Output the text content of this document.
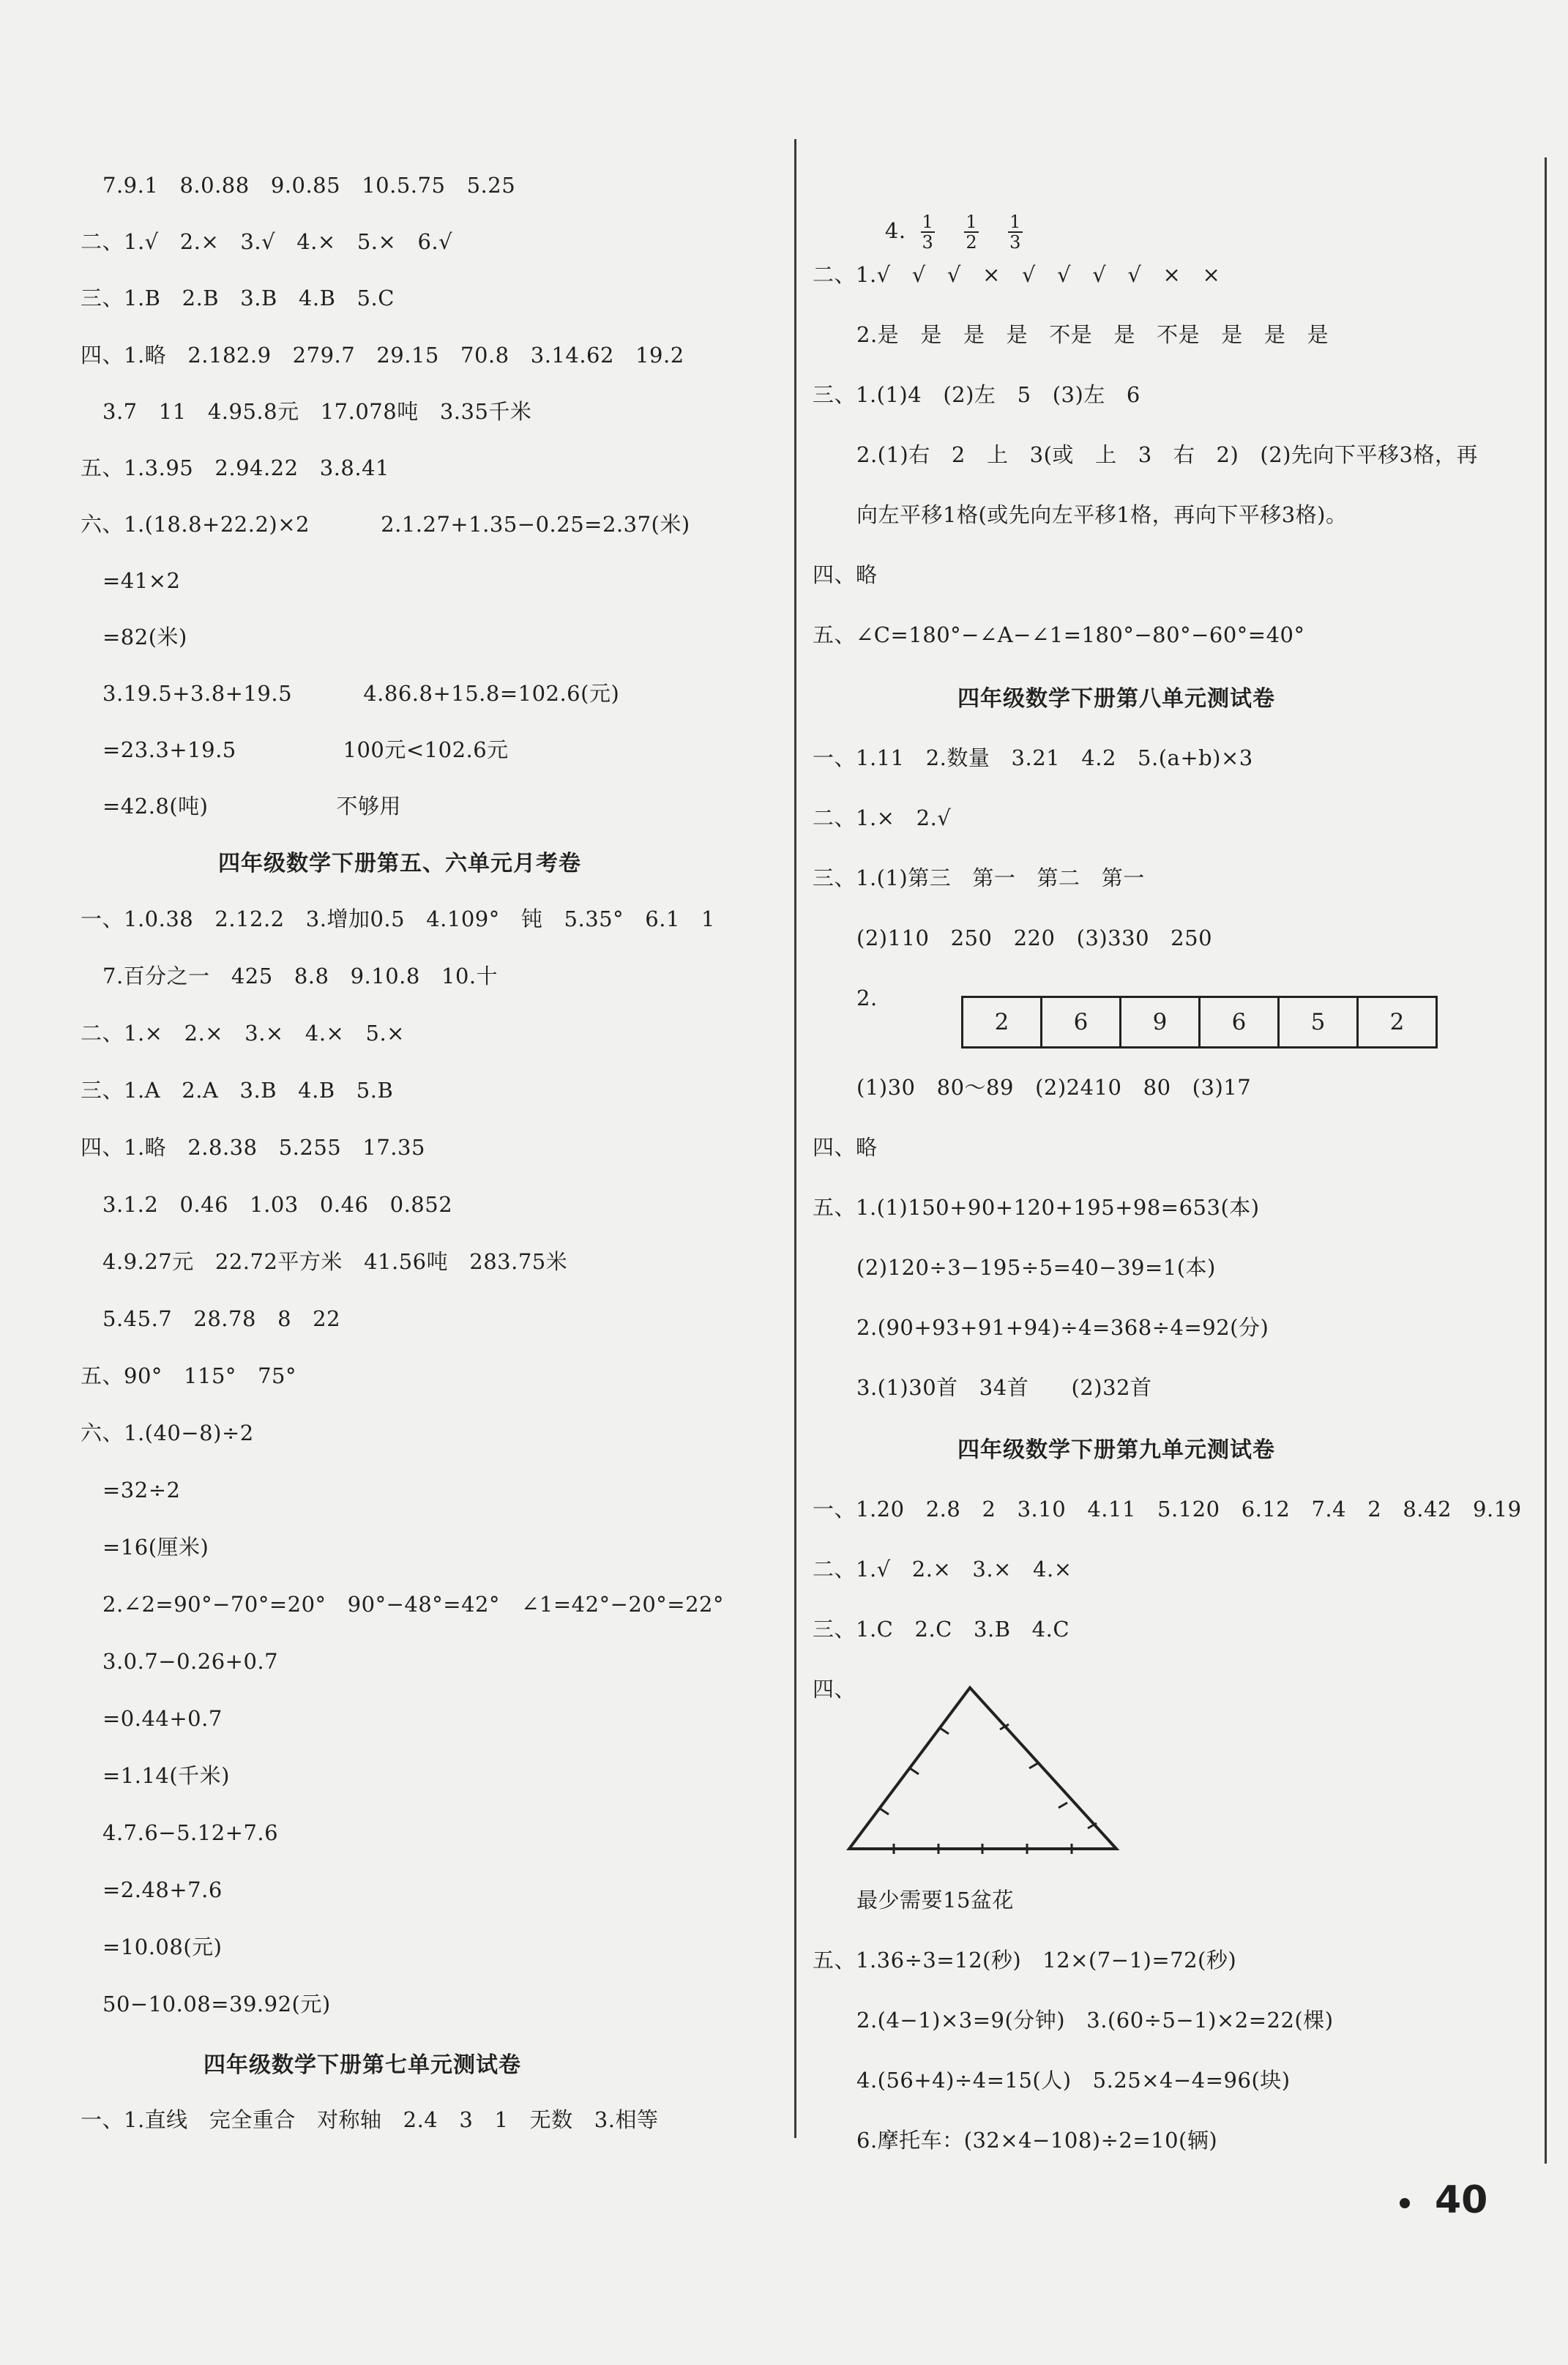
7.9.1   8.0.88   9.0.85   10.5.75   5.25
二、1.√   2.×   3.√   4.×   5.×   6.√
三、1.B   2.B   3.B   4.B   5.C
四、1.略   2.182.9   279.7   29.15   70.8   3.14.62   19.2
3.7   11   4.95.8元   17.078吨   3.35千米
五、1.3.95   2.94.22   3.8.41
六、1.(18.8+22.2)×2          2.1.27+1.35−0.25=2.37(米)
=41×2
=82(米)
3.19.5+3.8+19.5          4.86.8+15.8=102.6(元)
=23.3+19.5               100元<102.6元
=42.8(吨)                  不够用
四年级数学下册第五、六单元月考卷
一、1.0.38   2.12.2   3.增加0.5   4.109°   钝   5.35°   6.1   1
7.百分之一   425   8.8   9.10.8   10.十
二、1.×   2.×   3.×   4.×   5.×
三、1.A   2.A   3.B   4.B   5.B
四、1.略   2.8.38   5.255   17.35
3.1.2   0.46   1.03   0.46   0.852
4.9.27元   22.72平方米   41.56吨   283.75米
5.45.7   28.78   8   22
五、90°   115°   75°
六、1.(40−8)÷2
=32÷2
=16(厘米)
2.∠2=90°−70°=20°   90°−48°=42°   ∠1=42°−20°=22°
3.0.7−0.26+0.7
=0.44+0.7
=1.14(千米)
4.7.6−5.12+7.6
=2.48+7.6
=10.08(元)
50−10.08=39.92(元)
四年级数学下册第七单元测试卷
一、1.直线   完全重合   对称轴   2.4   3   1   无数   3.相等

4. $\frac{1}{3} \frac{1}{2} \frac{1}{3}$

二、1.√   √   √   ×   √   √   √   √   ×   ×
2.是   是   是   是   不是   是   不是   是   是   是
三、1.(1)4   (2)左   5   (3)左   6
2.(1)右   2   上   3(或   上   3   右   2)   (2)先向下平移3格，再
向左平移1格(或先向左平移1格，再向下平移3格)。
四、略
五、∠C=180°−∠A−∠1=180°−80°−60°=40°
四年级数学下册第八单元测试卷
一、1.11   2.数量   3.21   4.2   5.(a+b)×3
二、1.×   2.√
三、1.(1)第三   第一   第二   第一
(2)110   250   220   (3)330   250
2.
2	6	9	6	5	2
(1)30   80～89   (2)2410   80   (3)17
四、略
五、1.(1)150+90+120+195+98=653(本)
(2)120÷3−195÷5=40−39=1(本)
2.(90+93+91+94)÷4=368÷4=92(分)
3.(1)30首   34首      (2)32首
四年级数学下册第九单元测试卷
一、1.20   2.8   2   3.10   4.11   5.120   6.12   7.4   2   8.42   9.19
二、1.√   2.×   3.×   4.×
三、1.C   2.C   3.B   4.C
四、
最少需要15盆花
五、1.36÷3=12(秒)   12×(7−1)=72(秒)
2.(4−1)×3=9(分钟)   3.(60÷5−1)×2=22(棵)
4.(56+4)÷4=15(人)   5.25×4−4=96(块)
6.摩托车：(32×4−108)÷2=10(辆)
40
